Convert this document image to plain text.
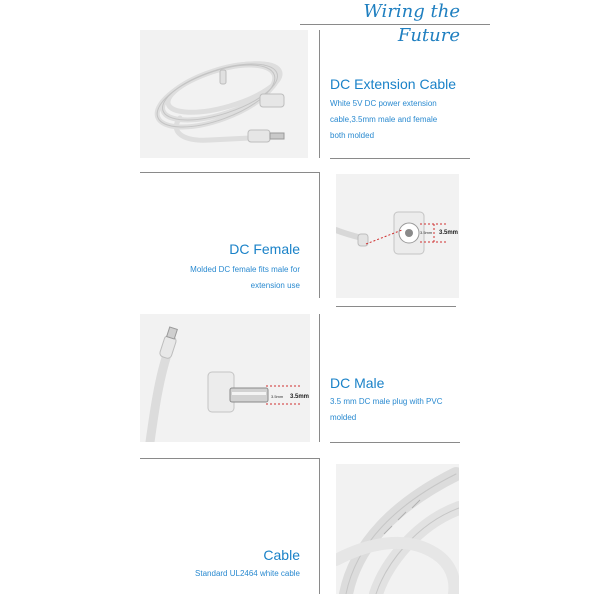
Wiring the Future
DC Extension Cable
White 5V DC power extension
cable,3.5mm male and female
both molded
DC Female
Molded DC female fits male for
extension use
3.5mm 3.5mm
3.5mm 3.5mm
DC Male
3.5 mm DC male plug with PVC
molded
Cable
Standard UL2464 white cable
